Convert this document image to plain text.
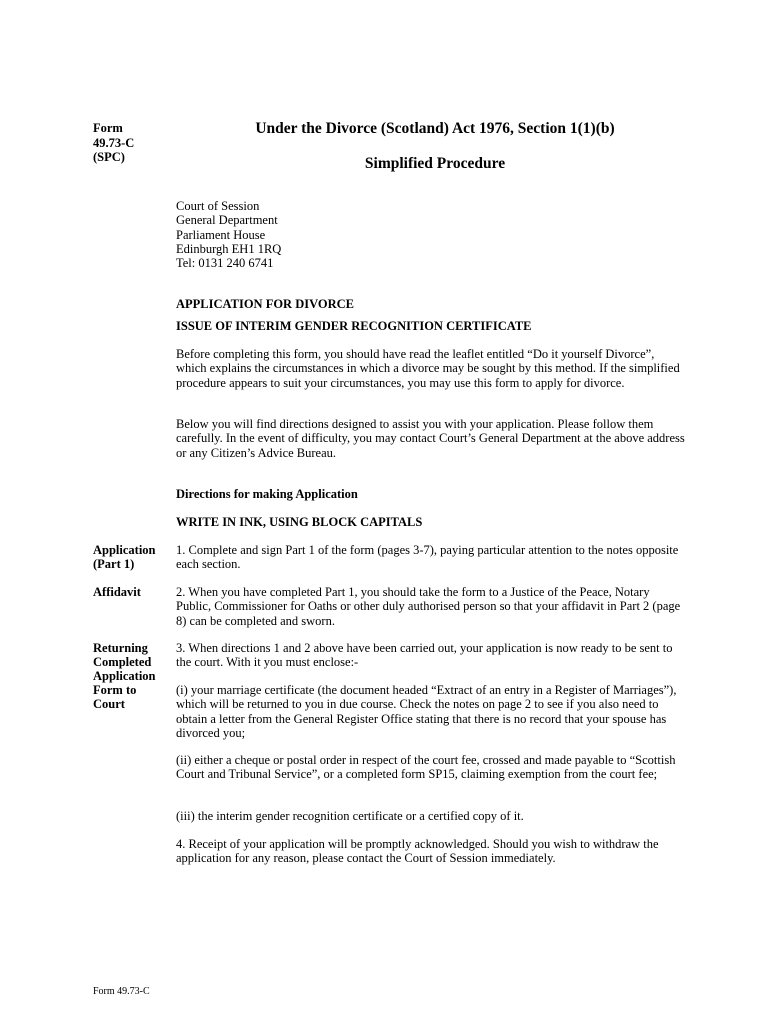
Form
49.73-C
(SPC)
Under the Divorce (Scotland) Act 1976, Section 1(1)(b)
Simplified Procedure
Court of Session
General Department
Parliament House
Edinburgh EH1 1RQ
Tel: 0131 240 6741
APPLICATION FOR DIVORCE
ISSUE OF INTERIM GENDER RECOGNITION CERTIFICATE
Before completing this form, you should have read the leaflet entitled “Do it yourself Divorce”, which explains the circumstances in which a divorce may be sought by this method. If the simplified procedure appears to suit your circumstances, you may use this form to apply for divorce.
Below you will find directions designed to assist you with your application. Please follow them carefully. In the event of difficulty, you may contact Court’s General Department at the above address or any Citizen’s Advice Bureau.
Directions for making Application
WRITE IN INK, USING BLOCK CAPITALS
Application
(Part 1)
1. Complete and sign Part 1 of the form (pages 3-7), paying particular attention to the notes opposite each section.
Affidavit	2. When you have completed Part 1, you should take the form to a Justice of the Peace, Notary Public, Commissioner for Oaths or other duly authorised person so that your affidavit in Part 2 (page 8) can be completed and sworn.
Returning
Completed
Application
Form to
Court
3. When directions 1 and 2 above have been carried out, your application is now ready to be sent to the court. With it you must enclose:-
(i) your marriage certificate (the document headed “Extract of an entry in a Register of Marriages”), which will be returned to you in due course. Check the notes on page 2 to see if you also need to obtain a letter from the General Register Office stating that there is no record that your spouse has divorced you;
(ii) either a cheque or postal order in respect of the court fee, crossed and made payable to “Scottish Court and Tribunal Service”, or a completed form SP15, claiming exemption from the court fee;
(iii) the interim gender recognition certificate or a certified copy of it.
4. Receipt of your application will be promptly acknowledged. Should you wish to withdraw the application for any reason, please contact the Court of Session immediately.
Form 49.73-C
